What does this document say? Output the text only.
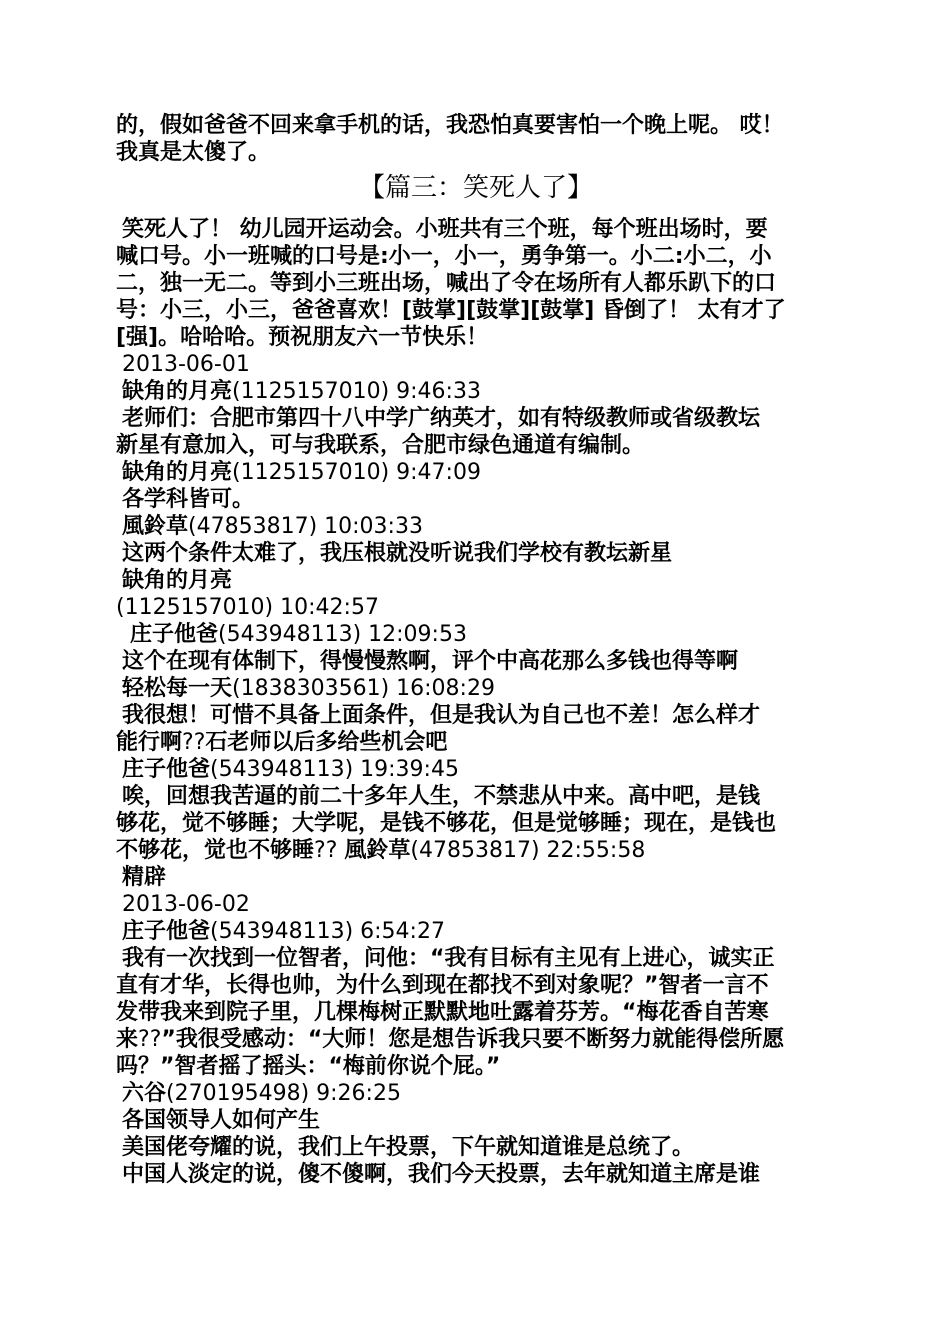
的，假如爸爸不回来拿手机的话，我恐怕真要害怕一个晚上呢。 哎！

我真是太傻了。

【篇三：笑死人了】

笑死人了！ 幼儿园开运动会。小班共有三个班，每个班出场时，要

喊口号。小一班喊的口号是:小一，小一，勇争第一。小二:小二，小

二，独一无二。等到小三班出场，喊出了令在场所有人都乐趴下的口

号：小三，小三，爸爸喜欢！[鼓掌][鼓掌][鼓掌] 昏倒了！ 太有才了

[强]。哈哈哈。预祝朋友六一节快乐！

2013-06-01

缺角的月亮(1125157010) 9:46:33

老师们：合肥市第四十八中学广纳英才，如有特级教师或省级教坛

新星有意加入，可与我联系，合肥市绿色通道有编制。

缺角的月亮(1125157010) 9:47:09

各学科皆可。

風鈴草(47853817) 10:03:33

这两个条件太难了，我压根就没听说我们学校有教坛新星

缺角的月亮

(1125157010) 10:42:57

庄子他爸(543948113) 12:09:53

这个在现有体制下，得慢慢熬啊，评个中高花那么多钱也得等啊

轻松每一天(1838303561) 16:08:29

我很想！可惜不具备上面条件，但是我认为自己也不差！怎么样才

能行啊??石老师以后多给些机会吧

庄子他爸(543948113) 19:39:45

唉，回想我苦逼的前二十多年人生，不禁悲从中来。高中吧，是钱

够花，觉不够睡；大学呢，是钱不够花，但是觉够睡；现在，是钱也

不够花，觉也不够睡?? 風鈴草(47853817) 22:55:58

精辟

2013-06-02

庄子他爸(543948113) 6:54:27

我有一次找到一位智者，问他：“我有目标有主见有上进心，诚实正

直有才华，长得也帅，为什么到现在都找不到对象呢？”智者一言不

发带我来到院子里，几棵梅树正默默地吐露着芬芳。“梅花香自苦寒

来??”我很受感动：“大师！您是想告诉我只要不断努力就能得偿所愿

吗？”智者摇了摇头：“梅前你说个屁。”

六谷(270195498) 9:26:25

各国领导人如何产生

美国佬夸耀的说，我们上午投票，下午就知道谁是总统了。

中国人淡定的说，傻不傻啊，我们今天投票，去年就知道主席是谁
